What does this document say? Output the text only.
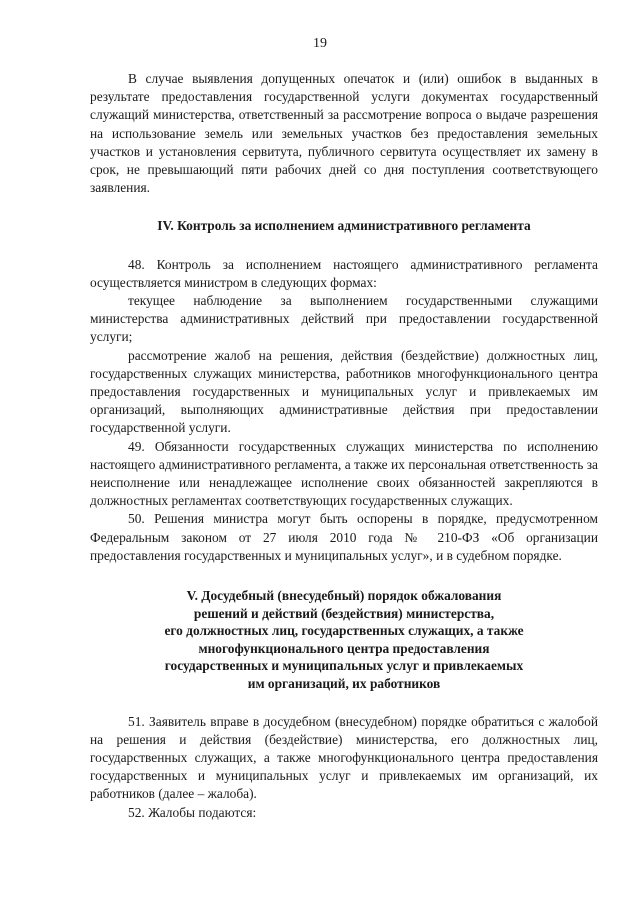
19

В случае выявления допущенных опечаток и (или) ошибок в выданных в результате предоставления государственной услуги документах государственный служащий министерства, ответственный за рассмотрение вопроса о выдаче разрешения на использование земель или земельных участков без предоставления земельных участков и установления сервитута, публичного сервитута осуществляет их замену в срок, не превышающий пяти рабочих дней со дня поступления соответствующего заявления.

IV. Контроль за исполнением административного регламента

48. Контроль за исполнением настоящего административного регламента осуществляется министром в следующих формах:

текущее наблюдение за выполнением государственными служащими министерства административных действий при предоставлении государственной услуги;

рассмотрение жалоб на решения, действия (бездействие) должностных лиц, государственных служащих министерства, работников многофункционального центра предоставления государственных и муниципальных услуг и привлекаемых им организаций, выполняющих административные действия при предоставлении государственной услуги.

49. Обязанности государственных служащих министерства по исполнению настоящего административного регламента, а также их персональная ответственность за неисполнение или ненадлежащее исполнение своих обязанностей закрепляются в должностных регламентах соответствующих государственных служащих.

50. Решения министра могут быть оспорены в порядке, предусмотренном Федеральным законом от 27 июля 2010 года № 210-ФЗ «Об организации предоставления государственных и муниципальных услуг», и в судебном порядке.

V. Досудебный (внесудебный) порядок обжалования
решений и действий (бездействия) министерства,
его должностных лиц, государственных служащих, а также
многофункционального центра предоставления
государственных и муниципальных услуг и привлекаемых
им организаций, их работников

51. Заявитель вправе в досудебном (внесудебном) порядке обратиться с жалобой на решения и действия (бездействие) министерства, его должностных лиц, государственных служащих, а также многофункционального центра предоставления государственных и муниципальных услуг и привлекаемых им организаций, их работников (далее – жалоба).

52. Жалобы подаются:
